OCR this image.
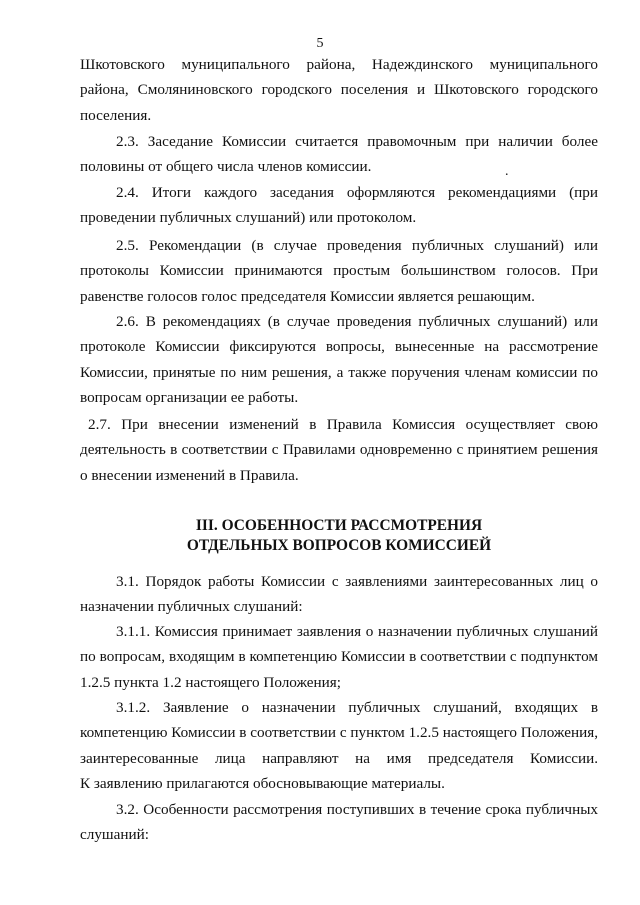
5
Шкотовского муниципального района, Надеждинского муниципального
района, Смоляниновского городского поселения и Шкотовского городского
поселения.
2.3. Заседание Комиссии считается правомочным при наличии более
половины от общего числа членов комиссии.	.
2.4. Итоги каждого заседания оформляются рекомендациями (при
проведении публичных слушаний) или протоколом.
2.5. Рекомендации (в случае проведения публичных слушаний) или
протоколы Комиссии принимаются простым большинством голосов. При
равенстве голосов голос председателя Комиссии является решающим.
2.6. В рекомендациях (в случае проведения публичных слушаний) или
протоколе Комиссии фиксируются вопросы, вынесенные на рассмотрение
Комиссии, принятые по ним решения, а также поручения членам комиссии по
вопросам организации ее работы.
2.7. При внесении изменений в Правила Комиссия осуществляет свою
деятельность в соответствии с Правилами одновременно с принятием решения
о внесении изменений в Правила.
III. ОСОБЕННОСТИ РАССМОТРЕНИЯ
ОТДЕЛЬНЫХ ВОПРОСОВ КОМИССИЕЙ
3.1. Порядок работы Комиссии с заявлениями заинтересованных лиц о
назначении публичных слушаний:
3.1.1. Комиссия принимает заявления о назначении публичных слушаний
по вопросам, входящим в компетенцию Комиссии в соответствии с подпунктом
1.2.5 пункта 1.2 настоящего Положения;
3.1.2. Заявление о назначении публичных слушаний, входящих в
компетенцию Комиссии в соответствии с пунктом 1.2.5 настоящего Положения,
заинтересованные лица направляют на имя председателя Комиссии.
К заявлению прилагаются обосновывающие материалы.
3.2. Особенности рассмотрения поступивших в течение срока публичных
слушаний:
